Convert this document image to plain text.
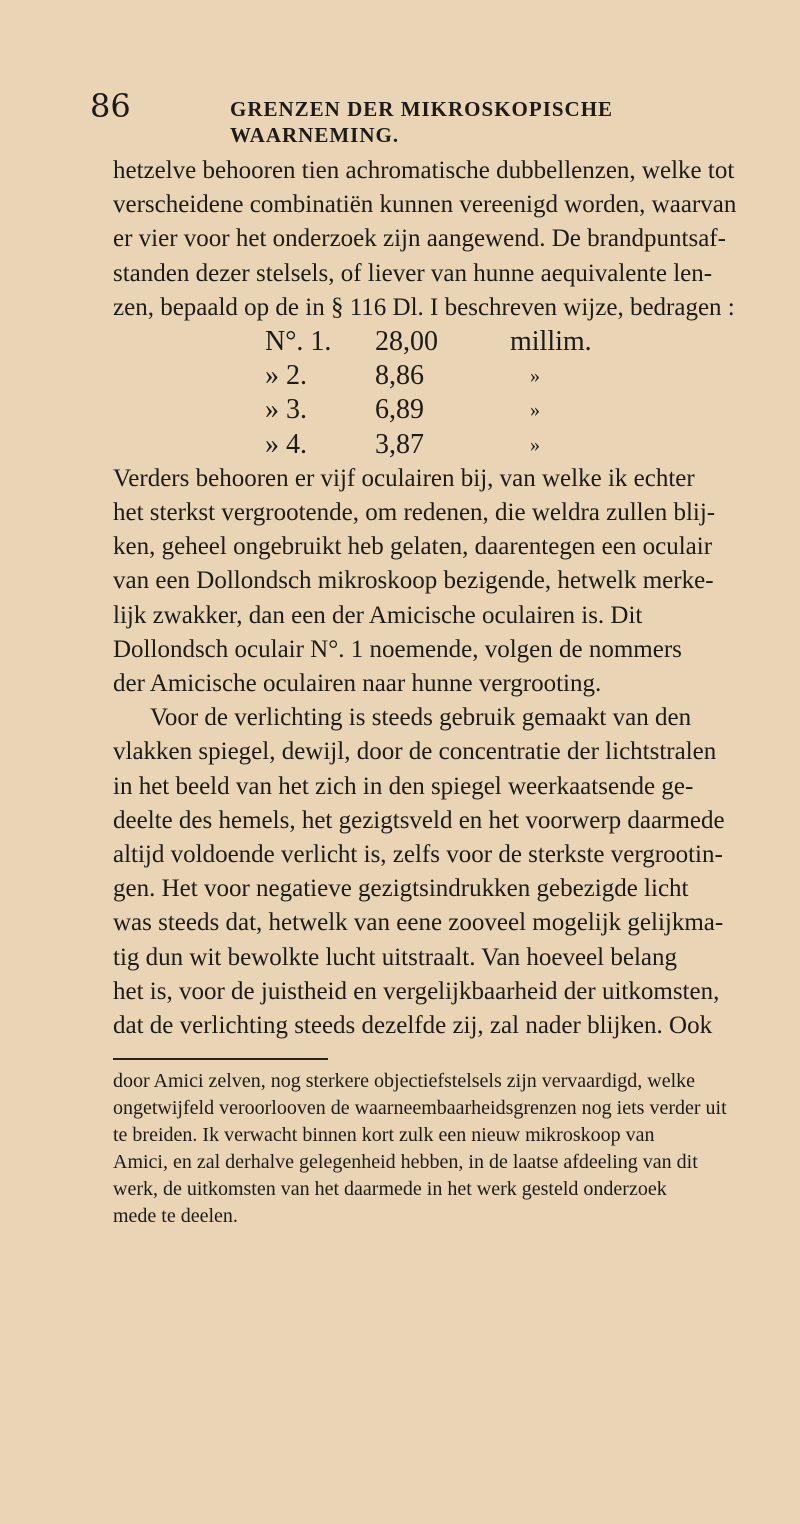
86	GRENZEN DER MIKROSKOPISCHE WAARNEMING.
hetzelve behooren tien achromatische dubbellenzen, welke tot
verscheidene combinatiën kunnen vereenigd worden, waarvan
er vier voor het onderzoek zijn aangewend. De brandpuntsaf-
standen dezer stelsels, of liever van hunne aequivalente len-
zen, bepaald op de in § 116 Dl. I beschreven wijze, bedragen :
N°. 1. 28,00	millim.
» 2.	8,86	»
» 3.	6,89	»
» 4.	3,87	»
Verders behooren er vijf oculairen bij, van welke ik echter
het sterkst vergrootende, om redenen, die weldra zullen blij-
ken, geheel ongebruikt heb gelaten, daarentegen een oculair
van een Dollondsch mikroskoop bezigende, hetwelk merke-
lijk zwakker, dan een der Amicische oculairen is. Dit
Dollondsch oculair N°. 1 noemende, volgen de nommers
der Amicische oculairen naar hunne vergrooting.
Voor de verlichting is steeds gebruik gemaakt van den
vlakken spiegel, dewijl, door de concentratie der lichtstralen
in het beeld van het zich in den spiegel weerkaatsende ge-
deelte des hemels, het gezigtsveld en het voorwerp daarmede
altijd voldoende verlicht is, zelfs voor de sterkste vergrootin-
gen. Het voor negatieve gezigtsindrukken gebezigde licht
was steeds dat, hetwelk van eene zooveel mogelijk gelijkma-
tig dun wit bewolkte lucht uitstraalt. Van hoeveel belang
het is, voor de juistheid en vergelijkbaarheid der uitkomsten,
dat de verlichting steeds dezelfde zij, zal nader blijken. Ook
door Amici zelven, nog sterkere objectiefstelsels zijn vervaardigd, welke
ongetwijfeld veroorlooven de waarneembaarheidsgrenzen nog iets verder uit
te breiden. Ik verwacht binnen kort zulk een nieuw mikroskoop van
Amici, en zal derhalve gelegenheid hebben, in de laatse afdeeling van dit
werk, de uitkomsten van het daarmede in het werk gesteld onderzoek
mede te deelen.
